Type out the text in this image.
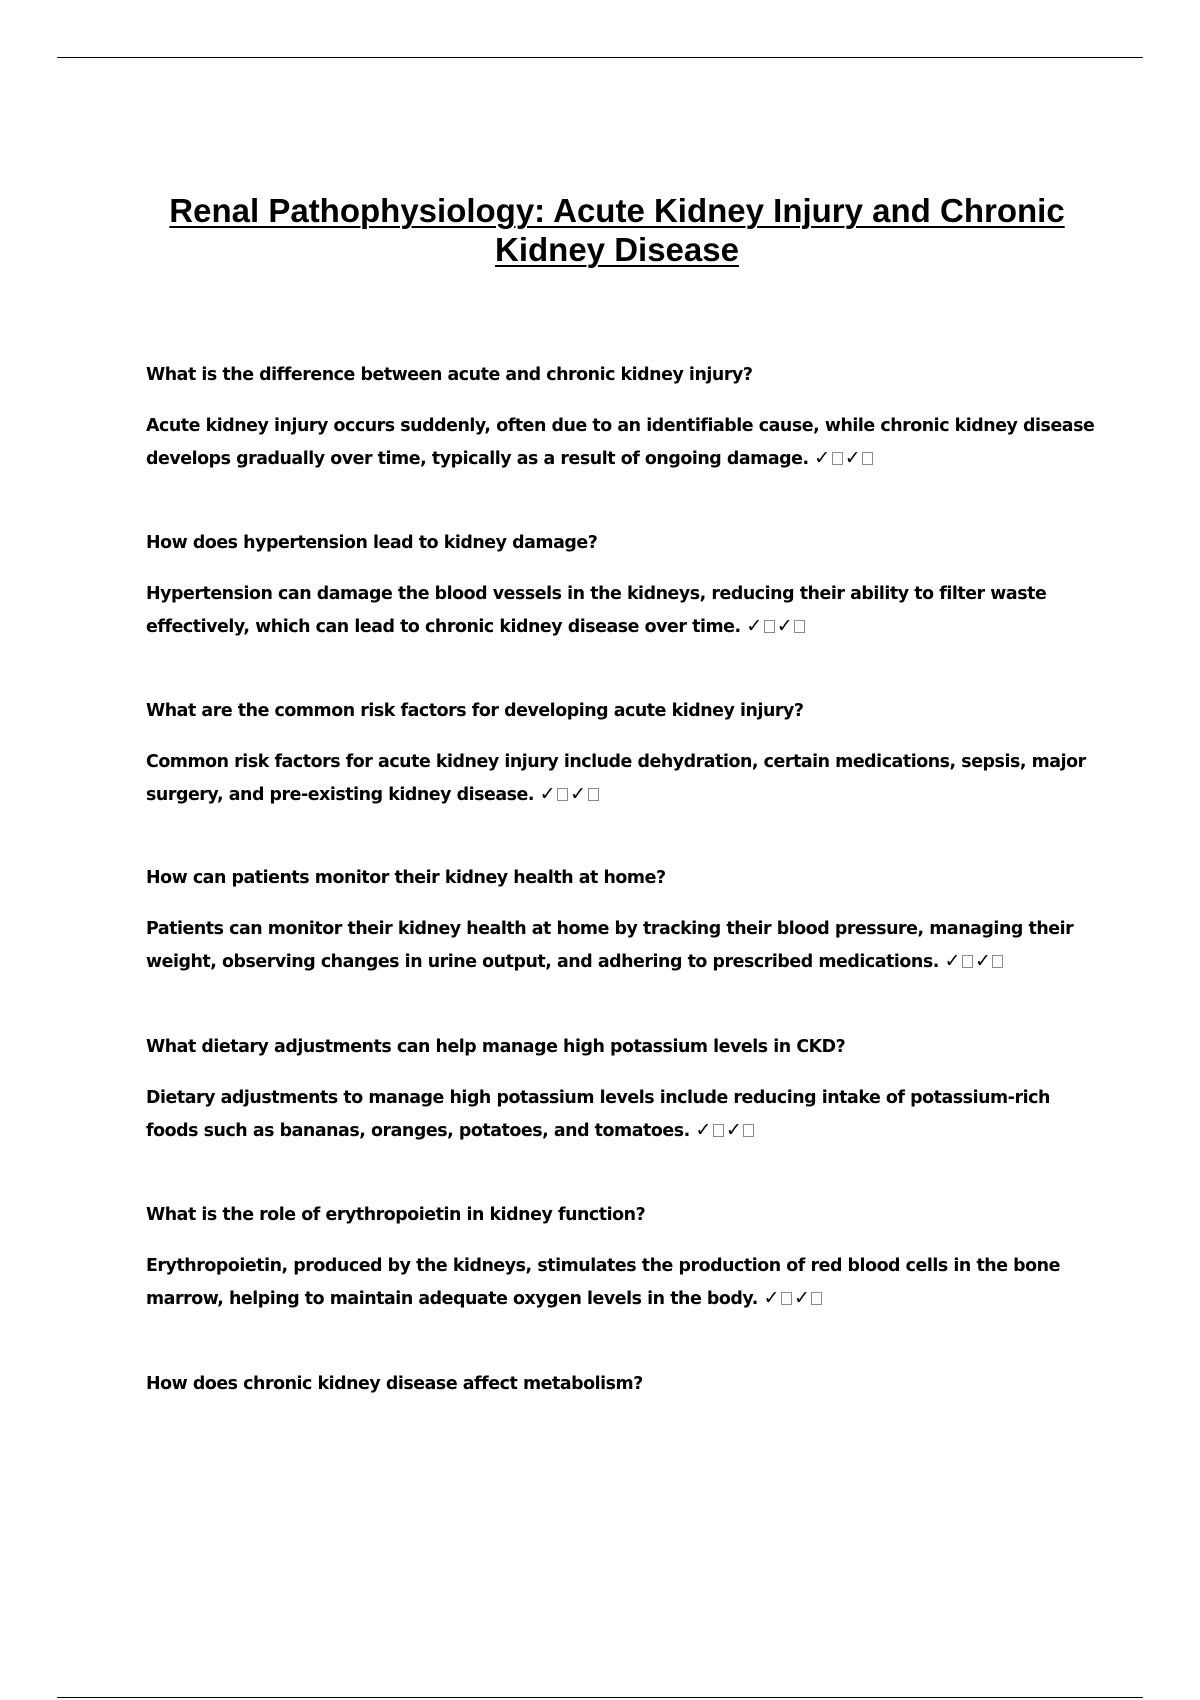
Renal Pathophysiology: Acute Kidney Injury and Chronic Kidney Disease

What is the difference between acute and chronic kidney injury?

Acute kidney injury occurs suddenly, often due to an identifiable cause, while chronic kidney disease develops gradually over time, typically as a result of ongoing damage. ✓ ✓

How does hypertension lead to kidney damage?

Hypertension can damage the blood vessels in the kidneys, reducing their ability to filter waste effectively, which can lead to chronic kidney disease over time. ✓ ✓

What are the common risk factors for developing acute kidney injury?

Common risk factors for acute kidney injury include dehydration, certain medications, sepsis, major surgery, and pre-existing kidney disease. ✓ ✓

How can patients monitor their kidney health at home?

Patients can monitor their kidney health at home by tracking their blood pressure, managing their weight, observing changes in urine output, and adhering to prescribed medications. ✓ ✓

What dietary adjustments can help manage high potassium levels in CKD?

Dietary adjustments to manage high potassium levels include reducing intake of potassium-rich foods such as bananas, oranges, potatoes, and tomatoes. ✓ ✓

What is the role of erythropoietin in kidney function?

Erythropoietin, produced by the kidneys, stimulates the production of red blood cells in the bone marrow, helping to maintain adequate oxygen levels in the body. ✓ ✓

How does chronic kidney disease affect metabolism?
